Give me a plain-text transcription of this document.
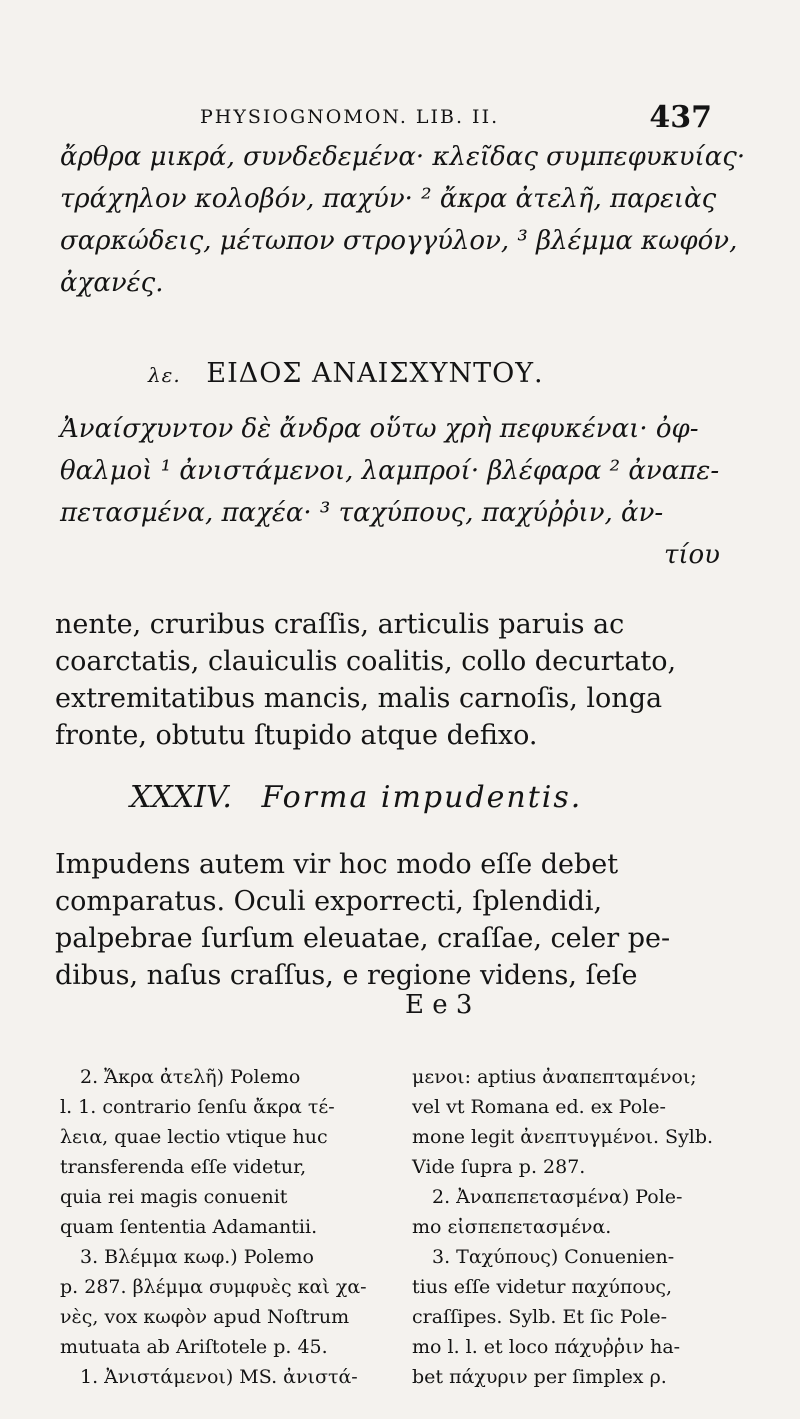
PHYSIOGNOMON. LIB. II.	437
ἄρθρα μικρά, συνδεδεμένα· κλεῖδας συμπεφυκυίας·
τράχηλον κολοβόν, παχύν· ² ἄκρα ἀτελῆ, παρειὰς
σαρκώδεις, μέτωπον στρογγύλον, ³ βλέμμα κωφόν,
ἀχανές.
λε. ΕΙΔΟΣ ΑΝΑΙΣΧΥΝΤΟΥ.
Ἀναίσχυντον δὲ ἄνδρα οὕτω χρὴ πεφυκέναι· ὀφ-
θαλμοὶ ¹ ἀνιστάμενοι, λαμπροί· βλέφαρα ² ἀναπε-
πετασμένα, παχέα· ³ ταχύπους, παχύῤῥιν, ἀν-
τίου
nente, cruribus craſſis, articulis paruis ac
coarctatis, clauiculis coalitis, collo decurtato,
extremitatibus mancis, malis carnoſis, longa
fronte, obtutu ſtupido atque defixo.
XXXIV. Forma impudentis.
Impudens autem vir hoc modo eſſe debet
comparatus. Oculi exporrecti, ſplendidi,
palpebrae ſurſum eleuatae, craſſae, celer pe-
dibus, naſus craſſus, e regione videns, ſeſe
E e 3
2. Ἄκρα ἀτελῆ) Polemo
l. 1. contrario ſenſu ἄκρα τέ-
λεια, quae lectio vtique huc
transferenda eſſe videtur,
quia rei magis conuenit
quam ſententia Adamantii.
3. Βλέμμα κωφ.) Polemo
p. 287. βλέμμα συμφυὲς καὶ χα-
νὲς, vox κωφὸν apud Noſtrum
mutuata ab Ariſtotele p. 45.
1. Ἀνιστάμενοι) MS. ἀνιστά-
μενοι: aptius ἀναπεπταμένοι;
vel vt Romana ed. ex Pole-
mone legit ἀνεπτυγμένοι. Sylb.
Vide ſupra p. 287.
2. Ἀναπεπετασμένα) Pole-
mo εἰσπεπετασμένα.
3. Ταχύπους) Conuenien-
tius eſſe videtur παχύπους,
craſſipes. Sylb. Et ſic Pole-
mo l. l. et loco πάχυῤῥιν ha-
bet πάχυριν per ſimplex ρ.
